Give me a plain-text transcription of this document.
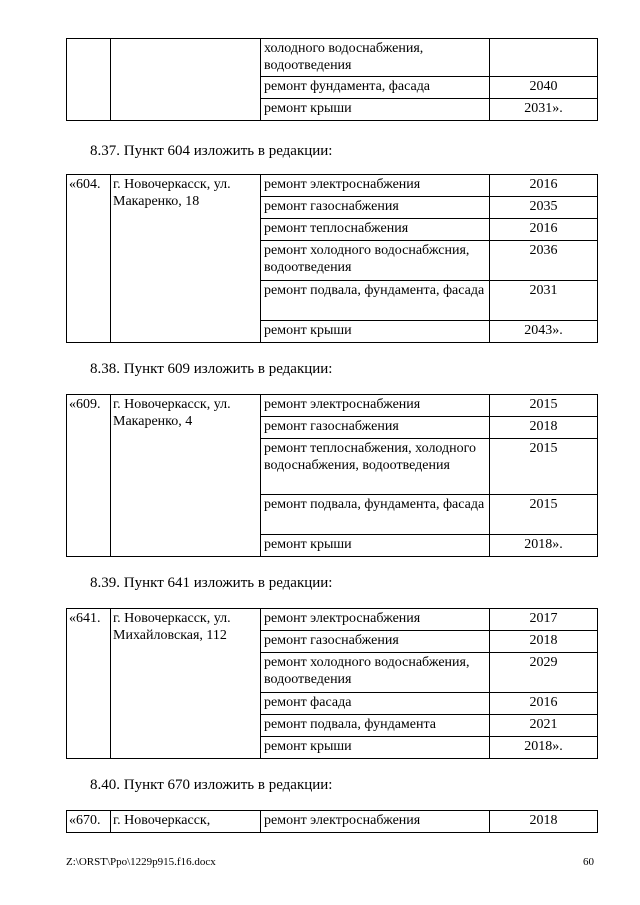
		холодного водоснабжения, водоотведения	
		ремонт фундамента, фасада	2040
		ремонт крыши	2031».
8.37. Пункт 604 изложить в редакции:
«604.	г. Новочеркасск, ул. Макаренко, 18	ремонт электроснабжения	2016
		ремонт газоснабжения	2035
		ремонт теплоснабжения	2016
		ремонт холодного водоснабжсния, водоотведения	2036
		ремонт подвала, фундамента, фасада	2031
		ремонт крыши	2043».
8.38. Пункт 609 изложить в редакции:
«609.	г. Новочеркасск, ул. Макаренко, 4	ремонт электроснабжения	2015
		ремонт газоснабжения	2018
		ремонт теплоснабжения, холодного водоснабжения, водоотведения	2015
		ремонт подвала, фундамента, фасада	2015
		ремонт крыши	2018».
8.39. Пункт 641 изложить в редакции:
«641.	г. Новочеркасск, ул. Михайловская, 112	ремонт электроснабжения	2017
		ремонт газоснабжения	2018
		ремонт холодного водоснабжения, водоотведения	2029
		ремонт фасада	2016
		ремонт подвала, фундамента	2021
		ремонт крыши	2018».
8.40. Пункт 670 изложить в редакции:
«670.	г. Новочеркасск,	ремонт электроснабжения	2018
Z:\ORST\Ppo\1229p915.f16.docx	60
